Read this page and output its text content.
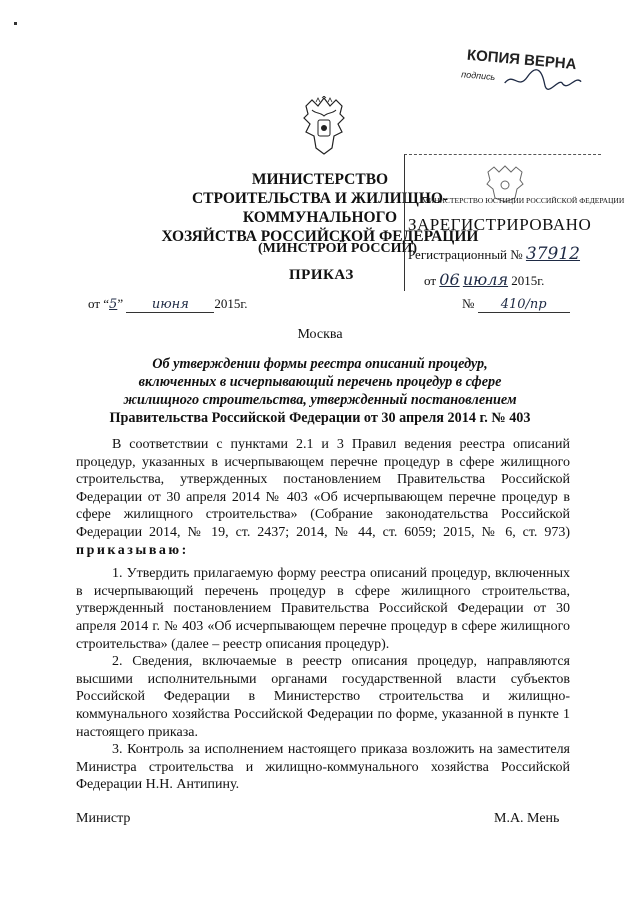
КОПИЯ ВЕРНА
подпись
МИНИСТЕРСТВО
СТРОИТЕЛЬСТВА И ЖИЛИЩНО-КОММУНАЛЬНОГО
ХОЗЯЙСТВА РОССИЙСКОЙ ФЕДЕРАЦИИ
(МИНСТРОЙ РОССИИ)
ПРИКАЗ
МИНИСТЕРСТВО ЮСТИЦИИ РОССИЙСКОЙ ФЕДЕРАЦИИ
ЗАРЕГИСТРИРОВАНО
Регистрационный № 37912
от 06 июля 2015г.
от “5” июня 2015г.	№ 410/пр
Москва
Об утверждении формы реестра описаний процедур,
включенных в исчерпывающий перечень процедур в сфере
жилищного строительства, утвержденный постановлением
Правительства Российской Федерации от 30 апреля 2014 г. № 403

В соответствии с пунктами 2.1 и 3 Правил ведения реестра описаний процедур, указанных в исчерпывающем перечне процедур в сфере жилищного строительства, утвержденных постановлением Правительства Российской Федерации от 30 апреля 2014 № 403 «Об исчерпывающем перечне процедур в сфере жилищного строительства» (Собрание законодательства Российской Федерации 2014, № 19, ст. 2437; 2014, № 44, ст. 6059; 2015, № 6, ст. 973) приказываю:

1. Утвердить прилагаемую форму реестра описаний процедур, включенных в исчерпывающий перечень процедур в сфере жилищного строительства, утвержденный постановлением Правительства Российской Федерации от 30 апреля 2014 г. № 403 «Об исчерпывающем перечне процедур в сфере жилищного строительства» (далее – реестр описания процедур).

2. Сведения, включаемые в реестр описания процедур, направляются высшими исполнительными органами государственной власти субъектов Российской Федерации в Министерство строительства и жилищно-коммунального хозяйства Российской Федерации по форме, указанной в пункте 1 настоящего приказа.

3. Контроль за исполнением настоящего приказа возложить на заместителя Министра строительства и жилищно-коммунального хозяйства Российской Федерации Н.Н. Антипину.

Министр	М.А. Мень
